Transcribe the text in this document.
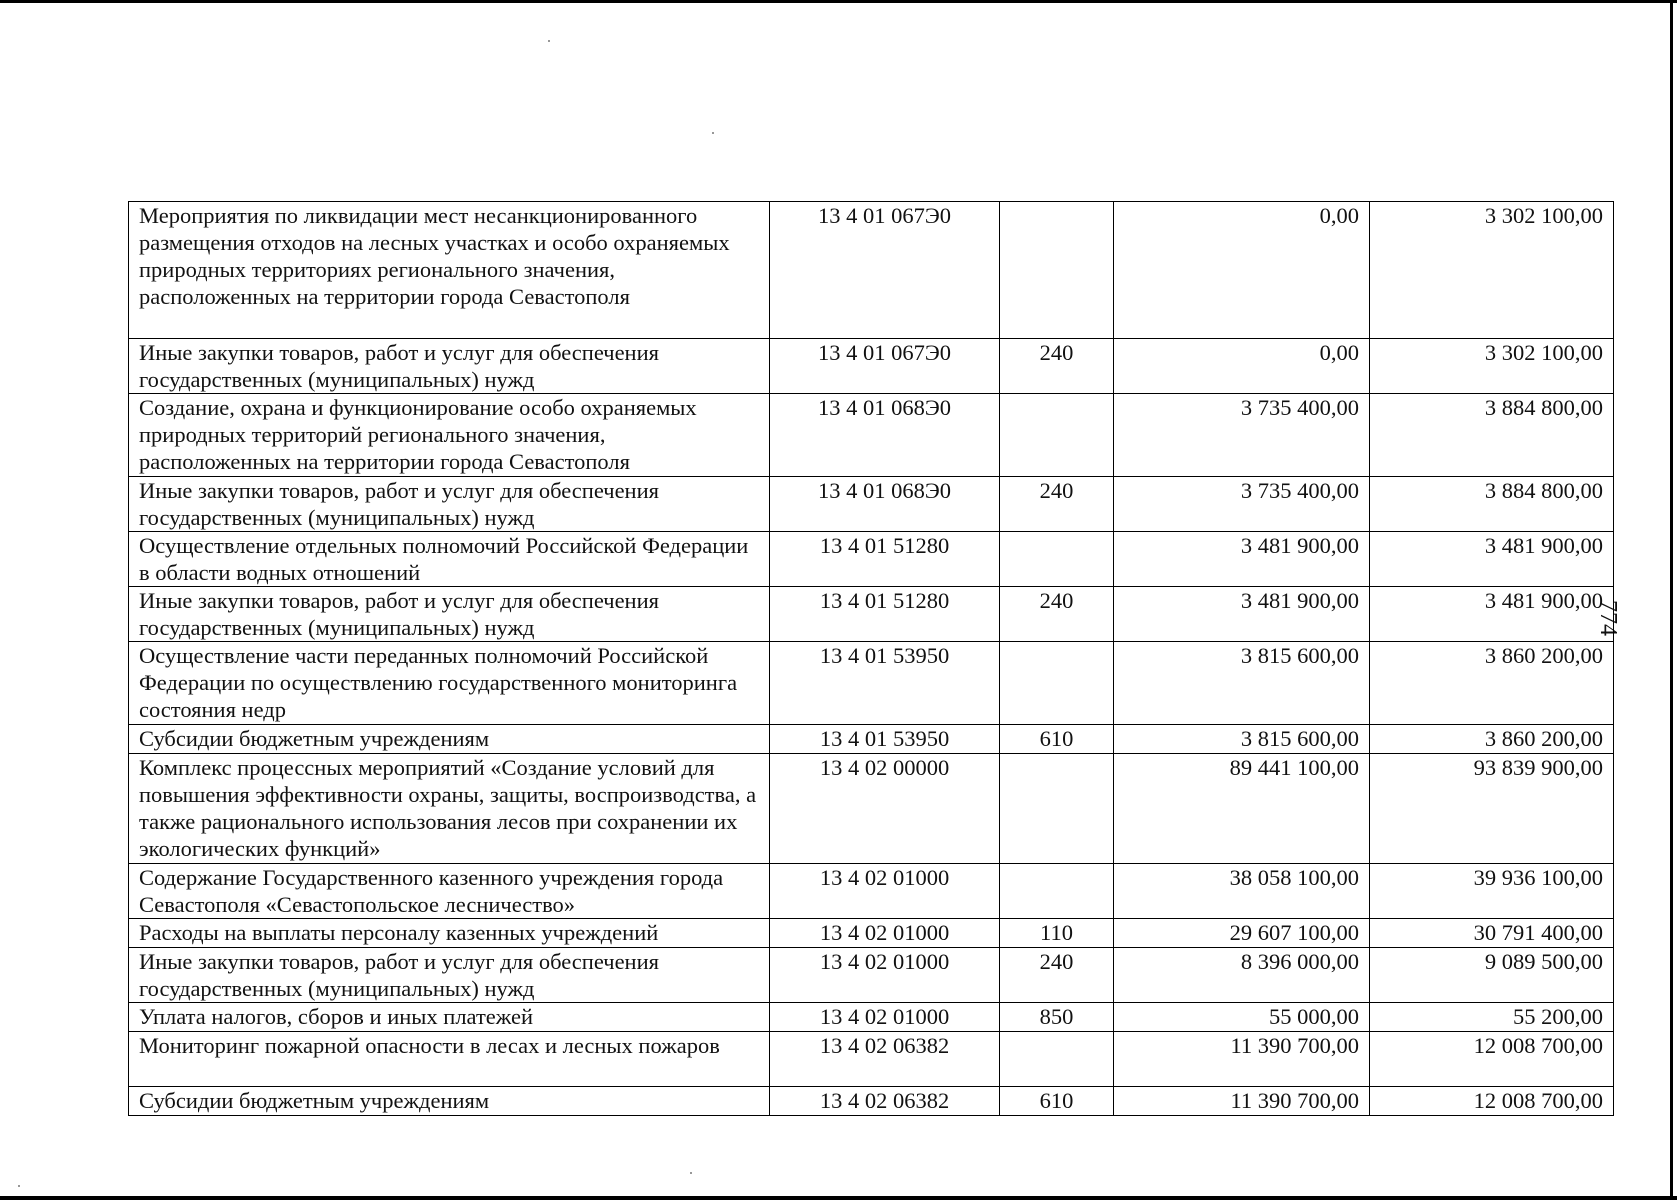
774
Мероприятия по ликвидации мест несанкционированного размещения отходов на лесных участках и особо охраняемых природных территориях регионального значения, расположенных на территории города Севастополя	13 4 01 067Э0		0,00	3 302 100,00
Иные закупки товаров, работ и услуг для обеспечения государственных (муниципальных) нужд	13 4 01 067Э0	240	0,00	3 302 100,00
Создание, охрана и функционирование особо охраняемых природных территорий регионального значения, расположенных на территории города Севастополя	13 4 01 068Э0		3 735 400,00	3 884 800,00
Иные закупки товаров, работ и услуг для обеспечения государственных (муниципальных) нужд	13 4 01 068Э0	240	3 735 400,00	3 884 800,00
Осуществление отдельных полномочий Российской Федерации в области водных отношений	13 4 01 51280		3 481 900,00	3 481 900,00
Иные закупки товаров, работ и услуг для обеспечения государственных (муниципальных) нужд	13 4 01 51280	240	3 481 900,00	3 481 900,00
Осуществление части переданных полномочий Российской Федерации по осуществлению государственного мониторинга состояния недр	13 4 01 53950		3 815 600,00	3 860 200,00
Субсидии бюджетным учреждениям	13 4 01 53950	610	3 815 600,00	3 860 200,00
Комплекс процессных мероприятий «Создание условий для повышения эффективности охраны, защиты, воспроизводства, а также рационального использования лесов при сохранении их экологических функций»	13 4 02 00000		89 441 100,00	93 839 900,00
Содержание Государственного казенного учреждения города Севастополя «Севастопольское лесничество»	13 4 02 01000		38 058 100,00	39 936 100,00
Расходы на выплаты персоналу казенных учреждений	13 4 02 01000	110	29 607 100,00	30 791 400,00
Иные закупки товаров, работ и услуг для обеспечения государственных (муниципальных) нужд	13 4 02 01000	240	8 396 000,00	9 089 500,00
Уплата налогов, сборов и иных платежей	13 4 02 01000	850	55 000,00	55 200,00
Мониторинг пожарной опасности в лесах и лесных пожаров	13 4 02 06382		11 390 700,00	12 008 700,00
Субсидии бюджетным учреждениям	13 4 02 06382	610	11 390 700,00	12 008 700,00
